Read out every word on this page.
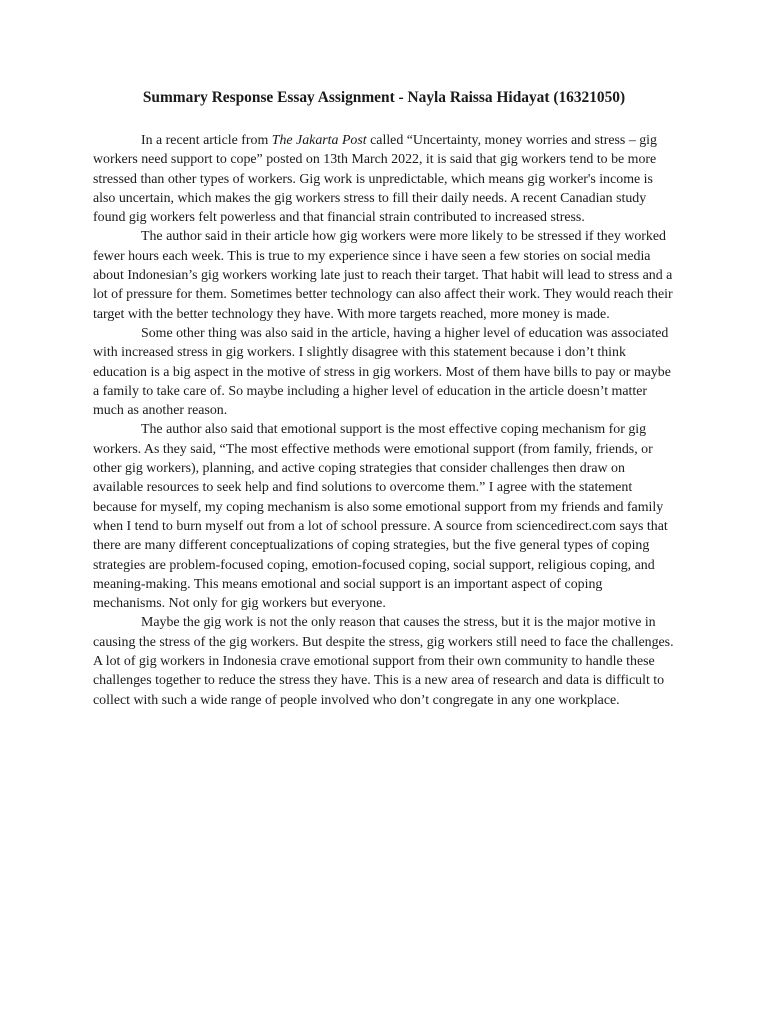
Summary Response Essay Assignment - Nayla Raissa Hidayat (16321050)

In a recent article from The Jakarta Post called “Uncertainty, money worries and stress – gig workers need support to cope” posted on 13th March 2022, it is said that gig workers tend to be more stressed than other types of workers. Gig work is unpredictable, which means gig worker's income is also uncertain, which makes the gig workers stress to fill their daily needs. A recent Canadian study found gig workers felt powerless and that financial strain contributed to increased stress.

The author said in their article how gig workers were more likely to be stressed if they worked fewer hours each week. This is true to my experience since i have seen a few stories on social media about Indonesian’s gig workers working late just to reach their target. That habit will lead to stress and a lot of pressure for them. Sometimes better technology can also affect their work. They would reach their target with the better technology they have. With more targets reached, more money is made.

Some other thing was also said in the article, having a higher level of education was associated with increased stress in gig workers. I slightly disagree with this statement because i don’t think education is a big aspect in the motive of stress in gig workers. Most of them have bills to pay or maybe a family to take care of. So maybe including a higher level of education in the article doesn’t matter much as another reason.

The author also said that emotional support is the most effective coping mechanism for gig workers. As they said, “The most effective methods were emotional support (from family, friends, or other gig workers), planning, and active coping strategies that consider challenges then draw on available resources to seek help and find solutions to overcome them.” I agree with the statement because for myself, my coping mechanism is also some emotional support from my friends and family when I tend to burn myself out from a lot of school pressure. A source from sciencedirect.com says that there are many different conceptualizations of coping strategies, but the five general types of coping strategies are problem-focused coping, emotion-focused coping, social support, religious coping, and meaning-making. This means emotional and social support is an important aspect of coping mechanisms. Not only for gig workers but everyone.

Maybe the gig work is not the only reason that causes the stress, but it is the major motive in causing the stress of the gig workers. But despite the stress, gig workers still need to face the challenges. A lot of gig workers in Indonesia crave emotional support from their own community to handle these challenges together to reduce the stress they have. This is a new area of research and data is difficult to collect with such a wide range of people involved who don’t congregate in any one workplace.
